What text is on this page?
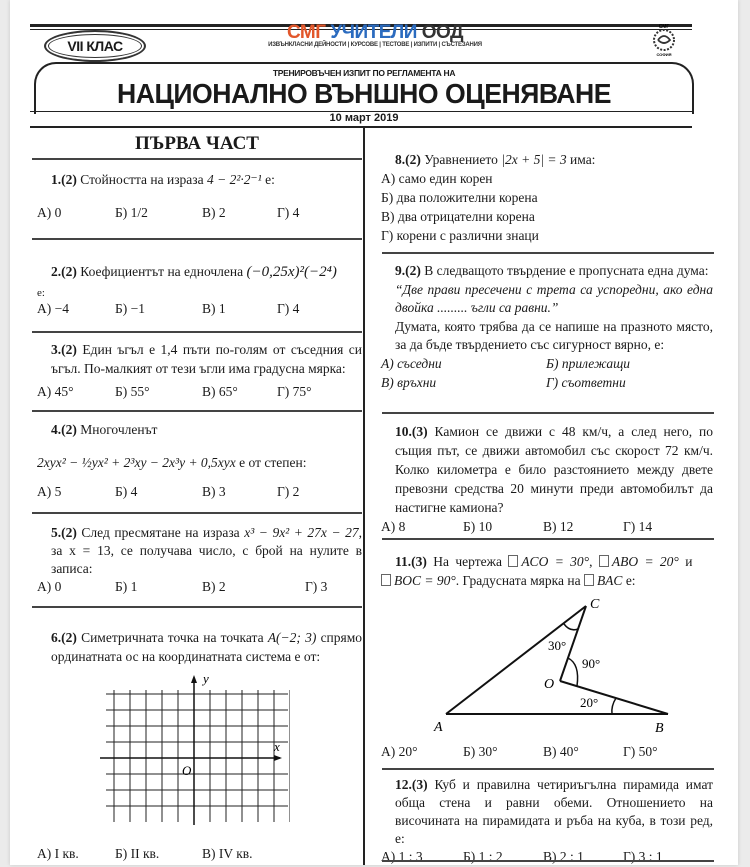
VII КЛАС
СМГ УЧИТЕЛИ ООД
ИЗВЪНКЛАСНИ ДЕЙНОСТИ | КУРСОВЕ | ТЕСТОВЕ | ИЗПИТИ | СЪСТЕЗАНИЯ
СМГ
СОФИЯ
ТРЕНИРОВЪЧЕН ИЗПИТ ПО РЕГЛАМЕНТА НА
НАЦИОНАЛНО ВЪНШНО ОЦЕНЯВАНЕ
10 март 2019
ПЪРВА ЧАСТ
1.(2) Стойността на израза 4 − 2²·2⁻¹ е:
А) 0	Б) 1/2	В) 2	Г) 4
2.(2) Коефициентът на едночлена (−0,25x)²(−2⁴)
е:
А) −4	Б) −1	В) 1	Г) 4
3.(2) Един ъгъл е 1,4 пъти по-голям от съседния си ъгъл. По-малкият от тези ъгли има градусна мярка:
А) 45°	Б) 55°	В) 65°	Г) 75°
4.(2) Многочленът
2xyx² − ½yx² + 2³xy − 2x³y + 0,5xyx е от степен:
А) 5	Б) 4	В) 3	Г) 2
5.(2) След пресмятане на израза x³ − 9x² + 27x − 27, за x = 13, се получава число, с брой на нулите в записа:
А) 0	Б) 1	В) 2	Г) 3
6.(2) Симетричната точка на точката A(−2; 3) спрямо ординатната ос на координатната система е от:
x
y
O
А) I кв.	Б) II кв.	В) IV кв.
8.(2) Уравнението |2x + 5| = 3 има:
А) само един корен
Б) два положителни корена
В) два отрицателни корена
Г) корени с различни знаци
9.(2) В следващото твърдение е пропусната една дума:
“Две прави пресечени с трета са успоредни, ако една двойка ......... ъгли са равни.”
Думата, която трябва да се напише на празното място, за да бъде твърдението със сигурност вярно, е:
А) съседни	Б) прилежащи
В) връхни	Г) съответни
10.(3) Камион се движи с 48 км/ч, а след него, по същия път, се движи автомобил със скорост 72 км/ч. Колко километра е било разстоянието между двете превозни средства 20 минути преди автомобилът да настигне камиона?
А) 8	Б) 10	В) 12	Г) 14
11.(3) На чертежа ACO = 30°, ABO = 20° и
BOC = 90°. Градусната мярка на BAC е:
C
O
A	B
30°
90°
20°
А) 20°	Б) 30°	В) 40°	Г) 50°
12.(3) Куб и правилна четириъгълна пирамида имат обща стена и равни обеми. Отношението на височината на пирамидата и ръба на куба, в този ред, е:
А) 1 : 3	Б) 1 : 2	В) 2 : 1	Г) 3 : 1
